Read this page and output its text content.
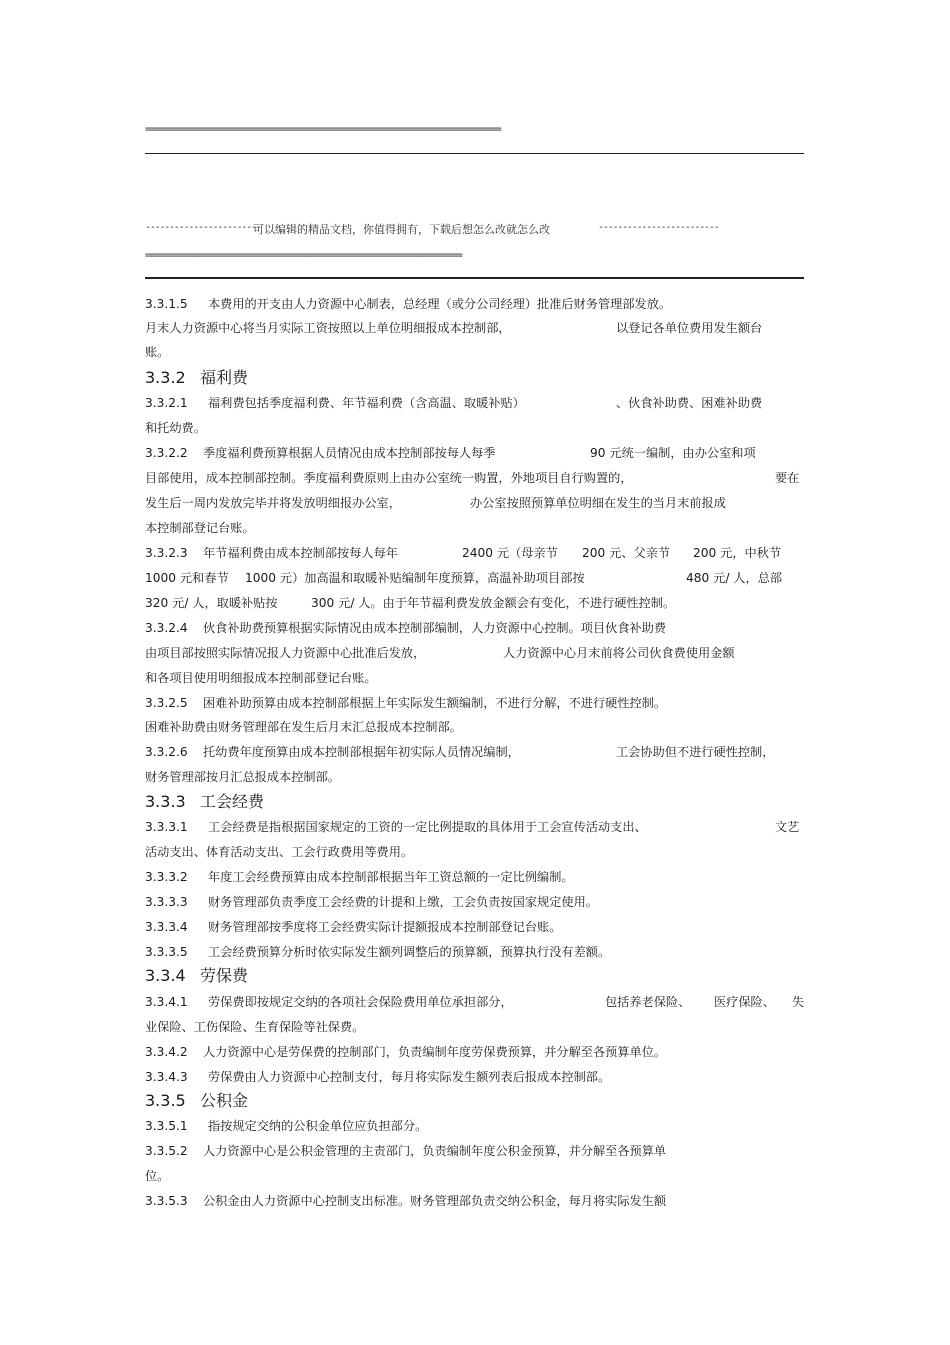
=========================================================================
------------------------
可以编辑的精品文档，你值得拥有，下载后想怎么改就怎么改	-------------------------
=================================================================
3.3.1.5 本费用的开支由人力资源中心制表，总经理（或分公司经理）批准后财务管理部发放。
月末人力资源中心将当月实际工资按照以上单位明细报成本控制部，	以登记各单位费用发生额台
账。
3.3.2 福利费
3.3.2.1 福利费包括季度福利费、年节福利费（含高温、取暖补贴）	、伙食补助费、困难补助费
和托幼费。
3.3.2.2 季度福利费预算根据人员情况由成本控制部按每人每季	90 元统一编制，由办公室和项
目部使用，成本控制部控制。季度福利费原则上由办公室统一购置，外地项目自行购置的，	要在
发生后一周内发放完毕并将发放明细报办公室，	办公室按照预算单位明细在发生的当月末前报成
本控制部登记台账。
3.3.2.3 年节福利费由成本控制部按每人每年	2400 元（母亲节 200 元、父亲节 200 元，中秋节
1000 元和春节 1000 元）加高温和取暖补贴编制年度预算，高温补助项目部按	480 元/ 人，总部
320 元/ 人，取暖补贴按	300 元/ 人。由于年节福利费发放金额会有变化，不进行硬性控制。
3.3.2.4 伙食补助费预算根据实际情况由成本控制部编制，人力资源中心控制。项目伙食补助费
由项目部按照实际情况报人力资源中心批准后发放，	人力资源中心月末前将公司伙食费使用金额
和各项目使用明细报成本控制部登记台账。
3.3.2.5 困难补助预算由成本控制部根据上年实际发生额编制，不进行分解，不进行硬性控制。
困难补助费由财务管理部在发生后月末汇总报成本控制部。
3.3.2.6 托幼费年度预算由成本控制部根据年初实际人员情况编制，	工会协助但不进行硬性控制，
财务管理部按月汇总报成本控制部。
3.3.3 工会经费
3.3.3.1 工会经费是指根据国家规定的工资的一定比例提取的具体用于工会宣传活动支出、	文艺
活动支出、体育活动支出、工会行政费用等费用。
3.3.3.2 年度工会经费预算由成本控制部根据当年工资总额的一定比例编制。
3.3.3.3 财务管理部负责季度工会经费的计提和上缴，工会负责按国家规定使用。
3.3.3.4 财务管理部按季度将工会经费实际计提额报成本控制部登记台账。
3.3.3.5 工会经费预算分析时依实际发生额列调整后的预算额，预算执行没有差额。
3.3.4 劳保费
3.3.4.1 劳保费即按规定交纳的各项社会保险费用单位承担部分，	包括养老保险、 医疗保险、 失
业保险、工伤保险、生育保险等社保费。
3.3.4.2 人力资源中心是劳保费的控制部门，负责编制年度劳保费预算，并分解至各预算单位。
3.3.4.3 劳保费由人力资源中心控制支付，每月将实际发生额列表后报成本控制部。
3.3.5 公积金
3.3.5.1 指按规定交纳的公积金单位应负担部分。
3.3.5.2 人力资源中心是公积金管理的主责部门，负责编制年度公积金预算，并分解至各预算单
位。
3.3.5.3 公积金由人力资源中心控制支出标准。财务管理部负责交纳公积金，每月将实际发生额
